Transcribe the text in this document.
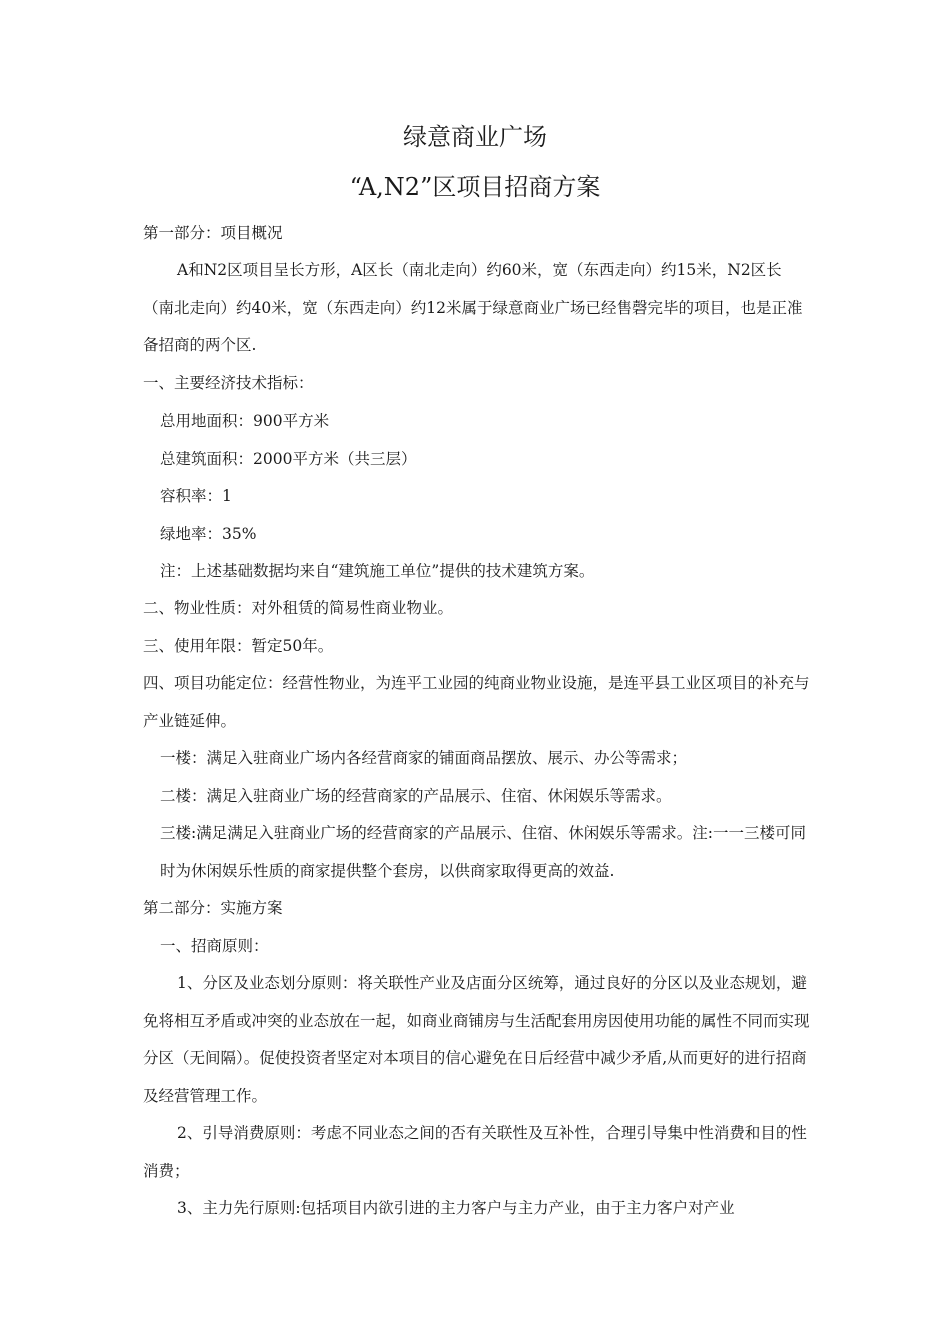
绿意商业广场
“A,N2”区项目招商方案
第一部分：项目概况
A和N2区项目呈长方形，A区长（南北走向）约60米，宽（东西走向）约15米，N2区长（南北走向）约40米，宽（东西走向）约12米属于绿意商业广场已经售磬完毕的项目，也是正准备招商的两个区.
一、主要经济技术指标：
总用地面积：900平方米
总建筑面积：2000平方米（共三层）
容积率：1
绿地率：35%
注：上述基础数据均来自“建筑施工单位”提供的技术建筑方案。
二、物业性质：对外租赁的简易性商业物业。
三、使用年限：暂定50年。
四、项目功能定位：经营性物业，为连平工业园的纯商业物业设施，是连平县工业区项目的补充与产业链延伸。
一楼：满足入驻商业广场内各经营商家的铺面商品摆放、展示、办公等需求；
二楼：满足入驻商业广场的经营商家的产品展示、住宿、休闲娱乐等需求。
三楼:满足满足入驻商业广场的经营商家的产品展示、住宿、休闲娱乐等需求。注:一一三楼可同时为休闲娱乐性质的商家提供整个套房，以供商家取得更高的效益.
第二部分：实施方案
一、招商原则：
1、分区及业态划分原则：将关联性产业及店面分区统筹，通过良好的分区以及业态规划，避免将相互矛盾或冲突的业态放在一起，如商业商铺房与生活配套用房因使用功能的属性不同而实现分区（无间隔）。促使投资者坚定对本项目的信心避免在日后经营中减少矛盾,从而更好的进行招商及经营管理工作。
2、引导消费原则：考虑不同业态之间的否有关联性及互补性，合理引导集中性消费和目的性消费；
3、主力先行原则:包括项目内欲引进的主力客户与主力产业，由于主力客户对产业
